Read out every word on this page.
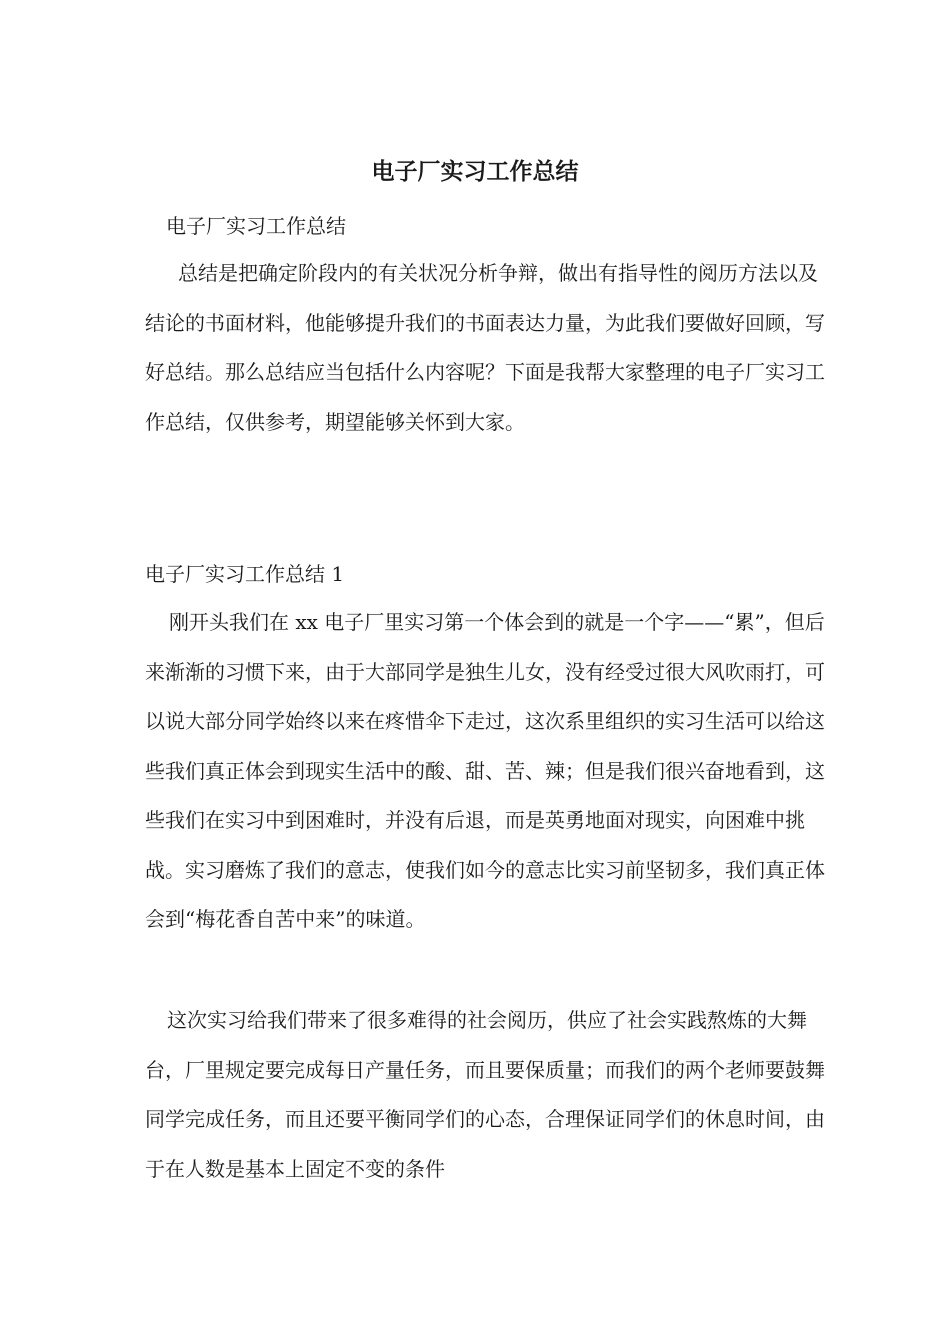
电子厂实习工作总结
电子厂实习工作总结

总结是把确定阶段内的有关状况分析争辩，做出有指导性的阅历方法以及结论的书面材料，他能够提升我们的书面表达力量，为此我们要做好回顾，写好总结。那么总结应当包括什么内容呢？下面是我帮大家整理的电子厂实习工作总结，仅供参考，期望能够关怀到大家。

电子厂实习工作总结 1

刚开头我们在 xx 电子厂里实习第一个体会到的就是一个字——“累”，但后来渐渐的习惯下来，由于大部同学是独生儿女，没有经受过很大风吹雨打，可以说大部分同学始终以来在疼惜伞下走过，这次系里组织的实习生活可以给这些我们真正体会到现实生活中的酸、甜、苦、辣；但是我们很兴奋地看到，这些我们在实习中到困难时，并没有后退，而是英勇地面对现实，向困难中挑战。实习磨炼了我们的意志，使我们如今的意志比实习前坚韧多，我们真正体会到“梅花香自苦中来”的味道。

这次实习给我们带来了很多难得的社会阅历，供应了社会实践熬炼的大舞台，厂里规定要完成每日产量任务，而且要保质量；而我们的两个老师要鼓舞同学完成任务，而且还要平衡同学们的心态，合理保证同学们的休息时间，由于在人数是基本上固定不变的条件
